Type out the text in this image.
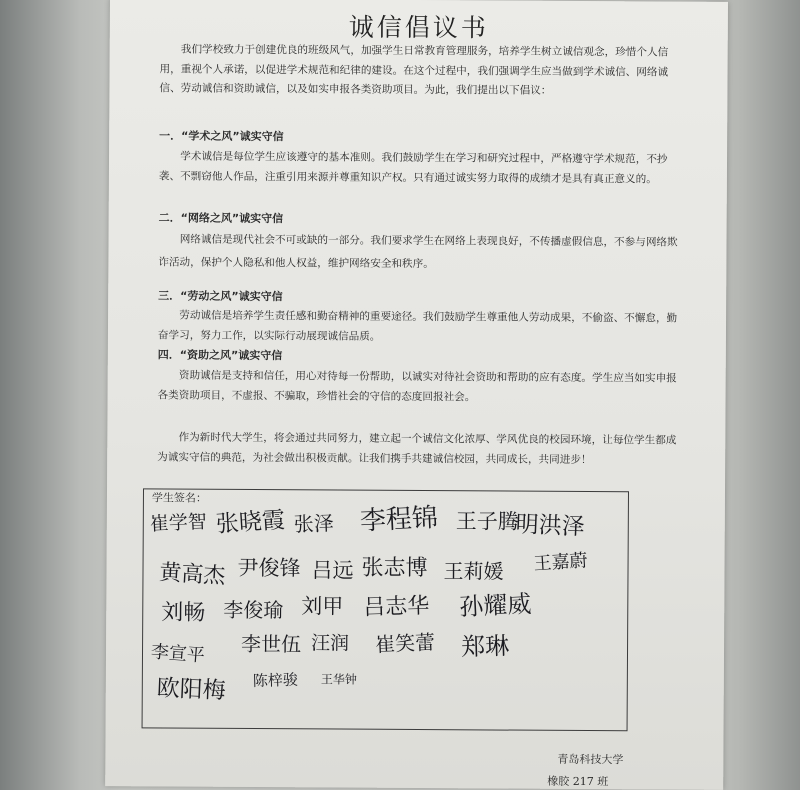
诚信倡议书

我们学校致力于创建优良的班级风气，加强学生日常教育管理服务，培养学生树立诚信观念，珍惜个人信用，重视个人承诺，以促进学术规范和纪律的建设。在这个过程中，我们强调学生应当做到学术诚信、网络诚信、劳动诚信和资助诚信，以及如实申报各类资助项目。为此，我们提出以下倡议：

一．“学术之风”诚实守信

学术诚信是每位学生应该遵守的基本准则。我们鼓励学生在学习和研究过程中，严格遵守学术规范，不抄袭、不剽窃他人作品，注重引用来源并尊重知识产权。只有通过诚实努力取得的成绩才是具有真正意义的。

二．“网络之风”诚实守信

网络诚信是现代社会不可或缺的一部分。我们要求学生在网络上表现良好，不传播虚假信息，不参与网络欺诈活动，保护个人隐私和他人权益，维护网络安全和秩序。

三．“劳动之风”诚实守信

劳动诚信是培养学生责任感和勤奋精神的重要途径。我们鼓励学生尊重他人劳动成果，不偷盗、不懈怠，勤奋学习，努力工作，以实际行动展现诚信品质。

四．“资助之风”诚实守信

资助诚信是支持和信任，用心对待每一份帮助，以诚实对待社会资助和帮助的应有态度。学生应当如实申报各类资助项目，不虚报、不骗取，珍惜社会的守信的态度回报社会。

作为新时代大学生，将会通过共同努力，建立起一个诚信文化浓厚、学风优良的校园环境，让每位学生都成为诚实守信的典范，为社会做出积极贡献。让我们携手共建诚信校园，共同成长，共同进步！

学生签名：
崔学智 张晓霞 张泽 李程锦 王子腾
明洪泽
黄高杰 尹俊锋 吕远 张志博 王莉媛 王嘉蔚
刘畅 李俊瑜 刘甲 吕志华 孙耀威
李宣平 李世伍 汪润 崔笑蕾 郑琳
欧阳梅 陈梓骏 王华钟
青岛科技大学
橡胶 217 班
